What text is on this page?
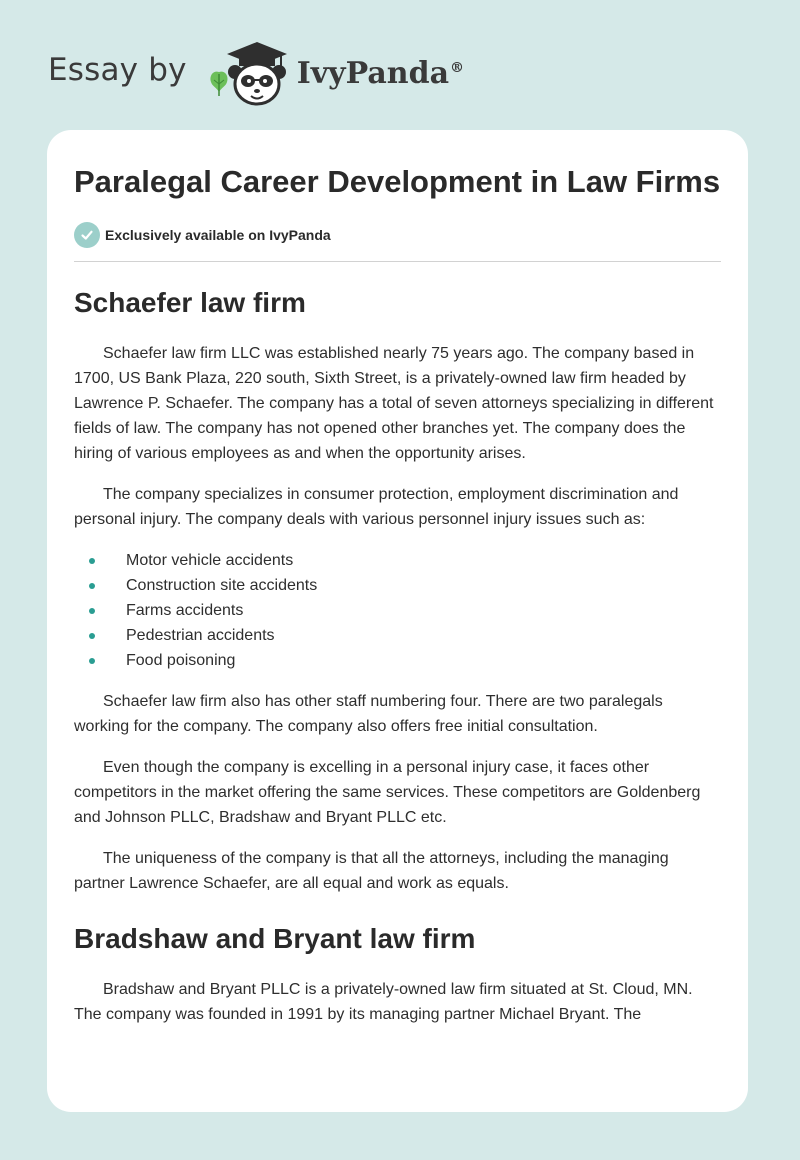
Essay by	IvyPanda®
Paralegal Career Development in Law Firms
Exclusively available on IvyPanda
Schaefer law firm

Schaefer law firm LLC was established nearly 75 years ago. The company based in 1700, US Bank Plaza, 220 south, Sixth Street, is a privately-owned law firm headed by Lawrence P. Schaefer. The company has a total of seven attorneys specializing in different fields of law. The company has not opened other branches yet. The company does the hiring of various employees as and when the opportunity arises.

The company specializes in consumer protection, employment discrimination and personal injury. The company deals with various personnel injury issues such as:

Motor vehicle accidents
Construction site accidents
Farms accidents
Pedestrian accidents
Food poisoning

Schaefer law firm also has other staff numbering four. There are two paralegals working for the company. The company also offers free initial consultation.

Even though the company is excelling in a personal injury case, it faces other competitors in the market offering the same services. These competitors are Goldenberg and Johnson PLLC, Bradshaw and Bryant PLLC etc.

The uniqueness of the company is that all the attorneys, including the managing partner Lawrence Schaefer, are all equal and work as equals.

Bradshaw and Bryant law firm

Bradshaw and Bryant PLLC is a privately-owned law firm situated at St. Cloud, MN. The company was founded in 1991 by its managing partner Michael Bryant. The
